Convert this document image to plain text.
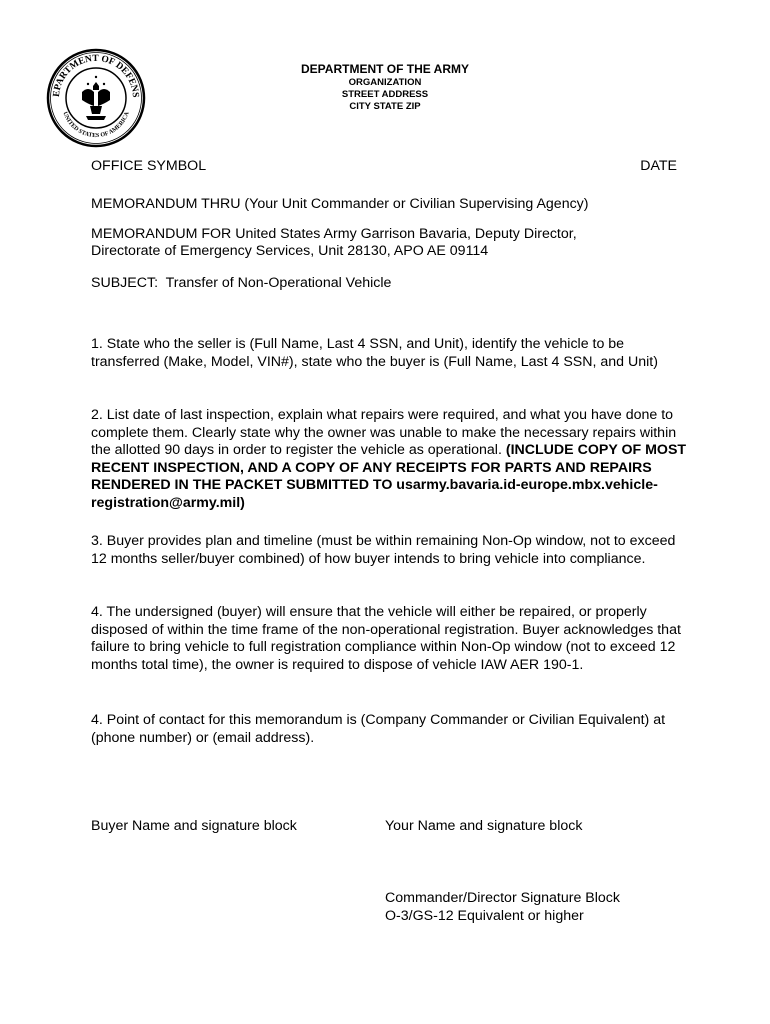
EPARTMENT OF DEFENS
UNITED STATES OF AMERICA
DEPARTMENT OF THE ARMY
ORGANIZATION
STREET ADDRESS
CITY STATE ZIP
OFFICE SYMBOL	DATE
MEMORANDUM THRU (Your Unit Commander or Civilian Supervising Agency)
MEMORANDUM FOR United States Army Garrison Bavaria, Deputy Director,
Directorate of Emergency Services, Unit 28130, APO AE 09114
SUBJECT:  Transfer of Non-Operational Vehicle
1. State who the seller is (Full Name, Last 4 SSN, and Unit), identify the vehicle to be transferred (Make, Model, VIN#), state who the buyer is (Full Name, Last 4 SSN, and Unit)
2. List date of last inspection, explain what repairs were required, and what you have done to complete them. Clearly state why the owner was unable to make the necessary repairs within the allotted 90 days in order to register the vehicle as operational. (INCLUDE COPY OF MOST RECENT INSPECTION, AND A COPY OF ANY RECEIPTS FOR PARTS AND REPAIRS RENDERED IN THE PACKET SUBMITTED TO usarmy.bavaria.id-europe.mbx.vehicle-registration@army.mil)
3. Buyer provides plan and timeline (must be within remaining Non-Op window, not to exceed 12 months seller/buyer combined) of how buyer intends to bring vehicle into compliance.
4. The undersigned (buyer) will ensure that the vehicle will either be repaired, or properly disposed of within the time frame of the non-operational registration. Buyer acknowledges that failure to bring vehicle to full registration compliance within Non-Op window (not to exceed 12 months total time), the owner is required to dispose of vehicle IAW AER 190-1.
4. Point of contact for this memorandum is (Company Commander or Civilian Equivalent) at (phone number) or (email address).
Buyer Name and signature block	Your Name and signature block
Commander/Director Signature Block
O-3/GS-12 Equivalent or higher
